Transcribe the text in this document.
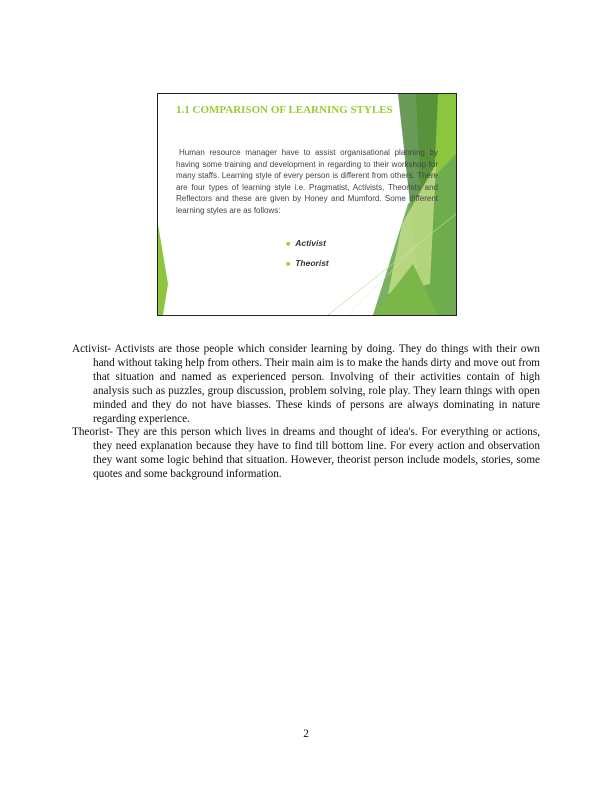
1.1 COMPARISON OF LEARNING STYLES
Human resource manager have to assist organisational planning by having some training and development in regarding to their workshop for many staffs. Learning style of every person is different from others. There are four types of learning style i.e. Pragmatist, Activists, Theorists and Reflectors and these are given by Honey and Mumford. Some different learning styles are as follows:
■ Activist
■ Theorist

Activist- Activists are those people which consider learning by doing. They do things with their own hand without taking help from others. Their main aim is to make the hands dirty and move out from that situation and named as experienced person. Involving of their activities contain of high analysis such as puzzles, group discussion, problem solving, role play. They learn things with open minded and they do not have biasses. These kinds of persons are always dominating in nature regarding experience.

Theorist- They are this person which lives in dreams and thought of idea's. For everything or actions, they need explanation because they have to find till bottom line. For every action and observation they want some logic behind that situation. However, theorist person include models, stories, some quotes and some background information.

2
